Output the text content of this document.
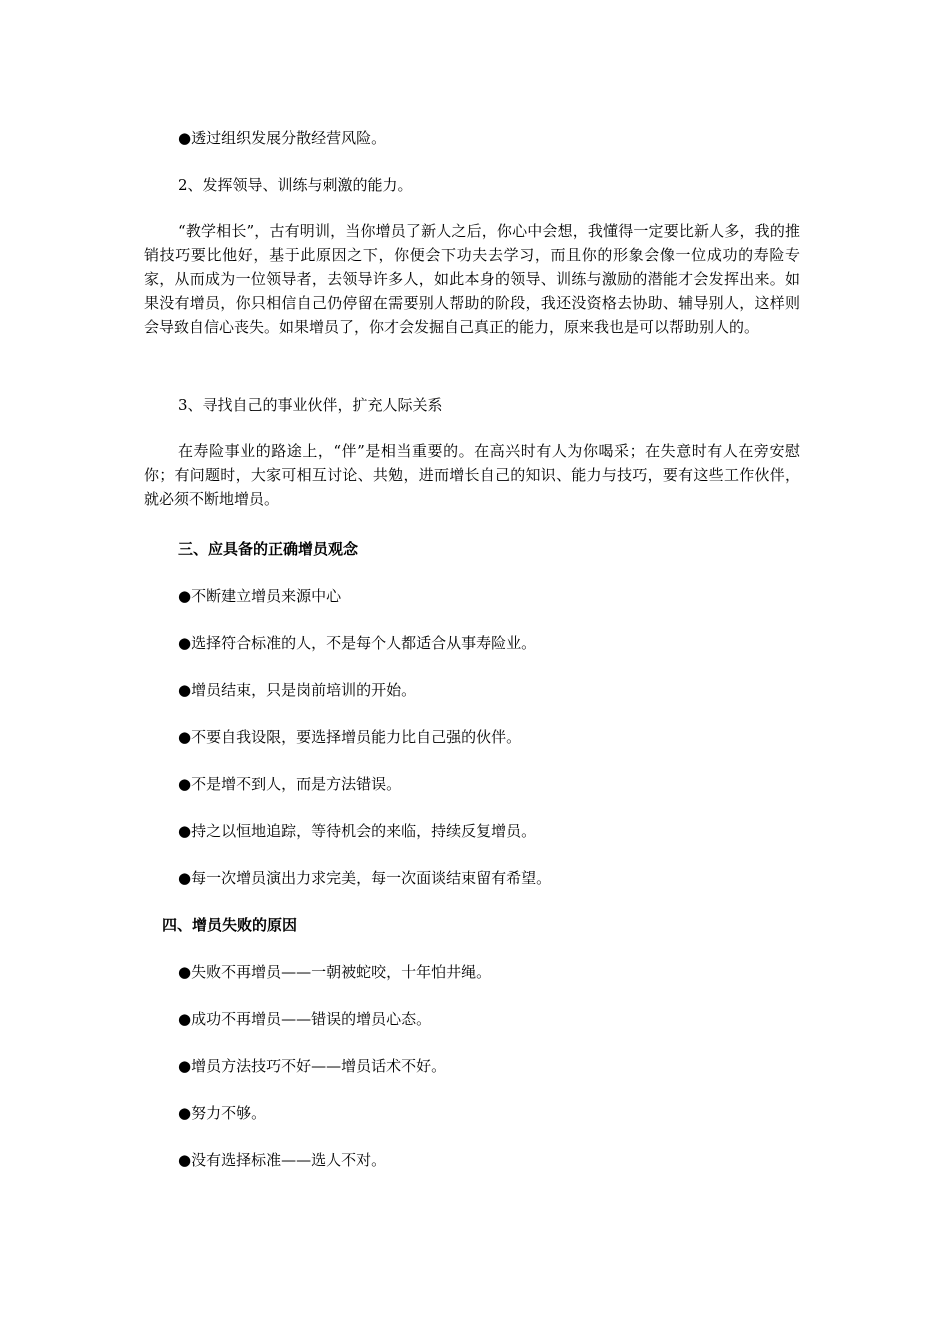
●透过组织发展分散经营风险。
2、发挥领导、训练与刺激的能力。
“教学相长”，古有明训，当你增员了新人之后，你心中会想，我懂得一定要比新人多，我的推销技巧要比他好，基于此原因之下，你便会下功夫去学习，而且你的形象会像一位成功的寿险专家，从而成为一位领导者，去领导许多人，如此本身的领导、训练与激励的潜能才会发挥出来。如果没有增员，你只相信自己仍停留在需要别人帮助的阶段，我还没资格去协助、辅导别人，这样则会导致自信心丧失。如果增员了，你才会发掘自己真正的能力，原来我也是可以帮助别人的。
3、寻找自己的事业伙伴，扩充人际关系
在寿险事业的路途上，“伴”是相当重要的。在高兴时有人为你喝采；在失意时有人在旁安慰你；有问题时，大家可相互讨论、共勉，进而增长自己的知识、能力与技巧，要有这些工作伙伴，就必须不断地增员。
三、应具备的正确增员观念
●不断建立增员来源中心
●选择符合标准的人，不是每个人都适合从事寿险业。
●增员结束，只是岗前培训的开始。
●不要自我设限，要选择增员能力比自己强的伙伴。
●不是增不到人，而是方法错误。
●持之以恒地追踪，等待机会的来临，持续反复增员。
●每一次增员演出力求完美，每一次面谈结束留有希望。
四、增员失败的原因
●失败不再增员——一朝被蛇咬，十年怕井绳。
●成功不再增员——错误的增员心态。
●增员方法技巧不好——增员话术不好。
●努力不够。
●没有选择标准——选人不对。
